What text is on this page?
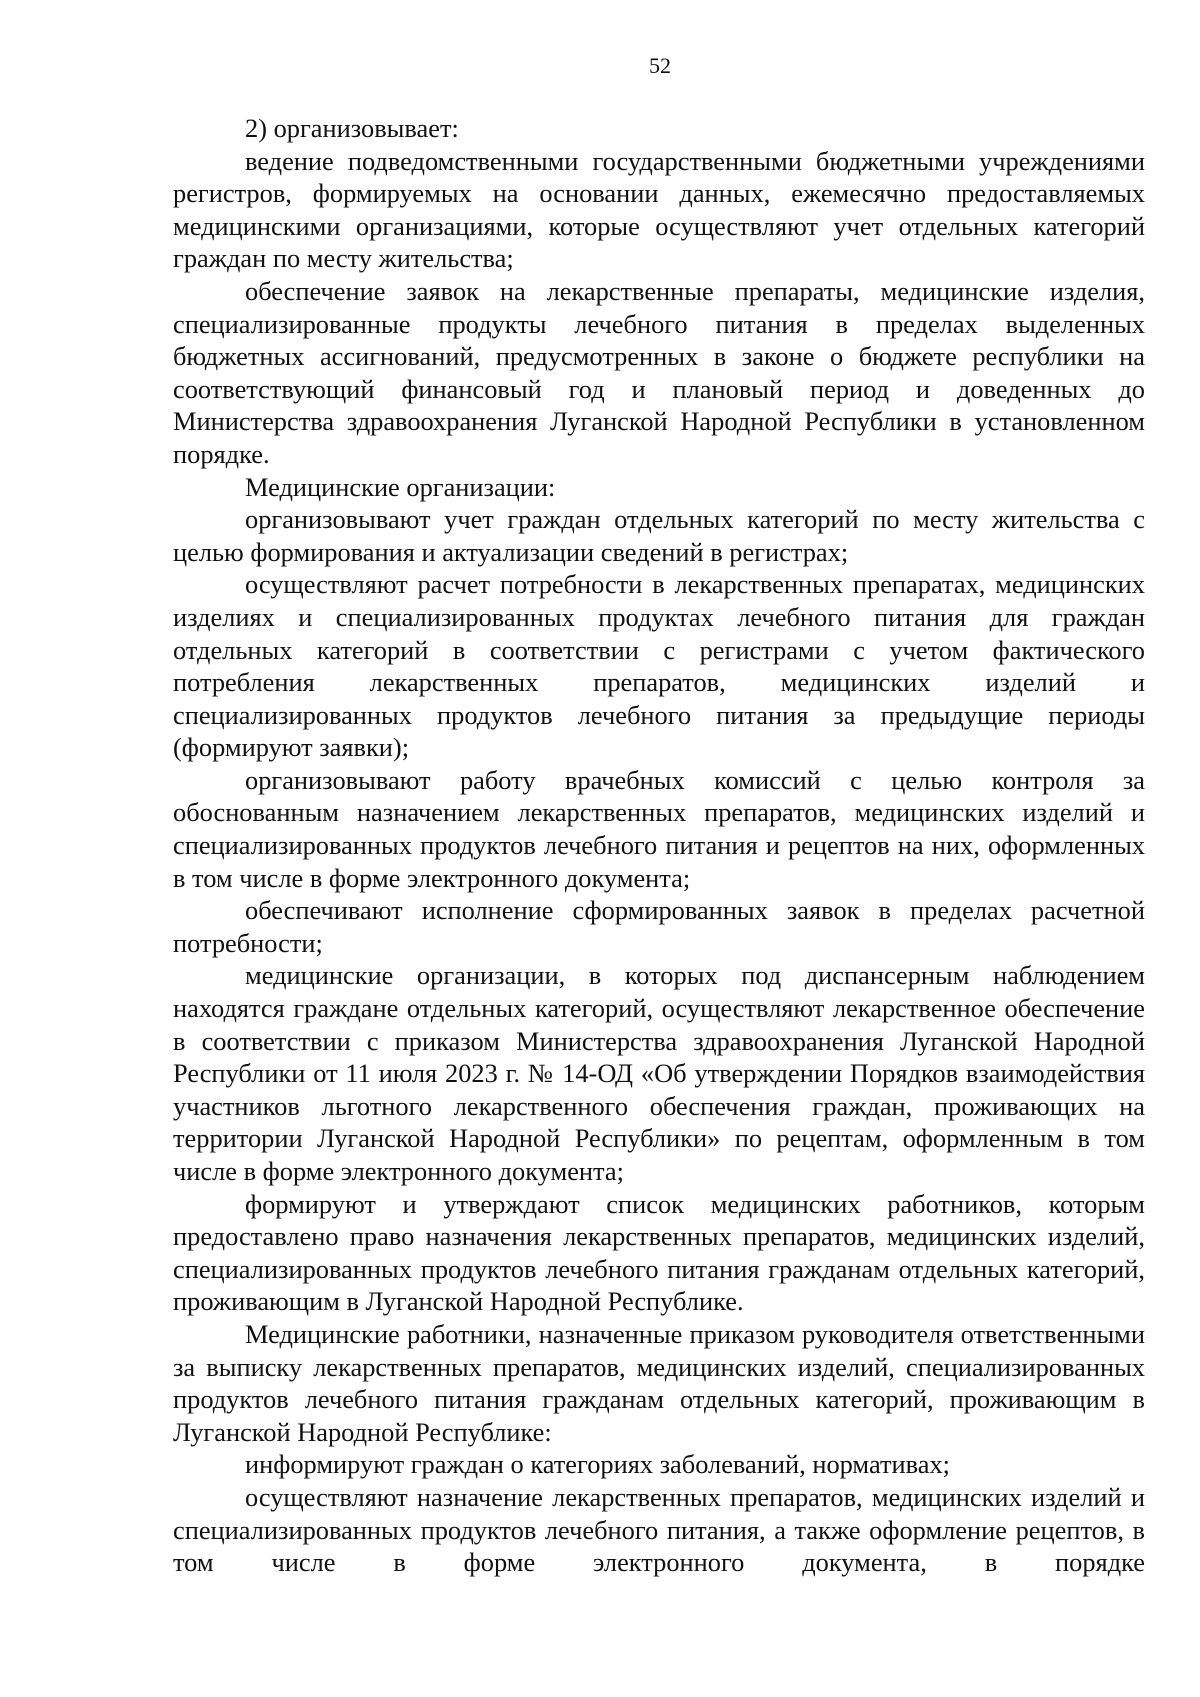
52

2) организовывает:

ведение подведомственными государственными бюджетными учреждениями регистров, формируемых на основании данных, ежемесячно предоставляемых медицинскими организациями, которые осуществляют учет отдельных категорий граждан по месту жительства;

обеспечение заявок на лекарственные препараты, медицинские изделия, специализированные продукты лечебного питания в пределах выделенных бюджетных ассигнований, предусмотренных в законе о бюджете республики на соответствующий финансовый год и плановый период и доведенных до Министерства здравоохранения Луганской Народной Республики в установленном порядке.

Медицинские организации:

организовывают учет граждан отдельных категорий по месту жительства с целью формирования и актуализации сведений в регистрах;

осуществляют расчет потребности в лекарственных препаратах, медицинских изделиях и специализированных продуктах лечебного питания для граждан отдельных категорий в соответствии с регистрами с учетом фактического потребления лекарственных препаратов, медицинских изделий и специализированных продуктов лечебного питания за предыдущие периоды (формируют заявки);

организовывают работу врачебных комиссий с целью контроля за обоснованным назначением лекарственных препаратов, медицинских изделий и специализированных продуктов лечебного питания и рецептов на них, оформленных в том числе в форме электронного документа;

обеспечивают исполнение сформированных заявок в пределах расчетной потребности;

медицинские организации, в которых под диспансерным наблюдением находятся граждане отдельных категорий, осуществляют лекарственное обеспечение в соответствии с приказом Министерства здравоохранения Луганской Народной Республики от 11 июля 2023 г. № 14-ОД «Об утверждении Порядков взаимодействия участников льготного лекарственного обеспечения граждан, проживающих на территории Луганской Народной Республики» по рецептам, оформленным в том числе в форме электронного документа;

формируют и утверждают список медицинских работников, которым предоставлено право назначения лекарственных препаратов, медицинских изделий, специализированных продуктов лечебного питания гражданам отдельных категорий, проживающим в Луганской Народной Республике.

Медицинские работники, назначенные приказом руководителя ответственными за выписку лекарственных препаратов, медицинских изделий, специализированных продуктов лечебного питания гражданам отдельных категорий, проживающим в Луганской Народной Республике:

информируют граждан о категориях заболеваний, нормативах;

осуществляют назначение лекарственных препаратов, медицинских изделий и специализированных продуктов лечебного питания, а также оформление рецептов, в том числе в форме электронного документа, в порядке
